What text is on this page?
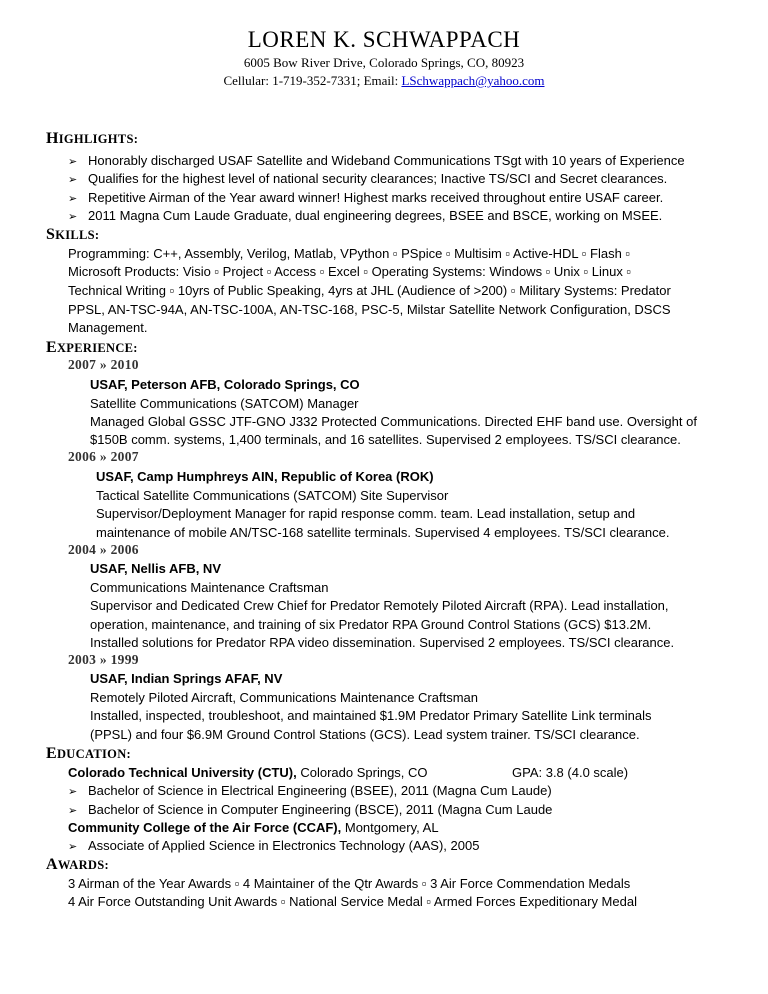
LOREN K. SCHWAPPACH
6005 Bow River Drive, Colorado Springs, CO, 80923
Cellular: 1-719-352-7331; Email: LSchwappach@yahoo.com
HIGHLIGHTS:
➢ Honorably discharged USAF Satellite and Wideband Communications TSgt with 10 years of Experience
➢ Qualifies for the highest level of national security clearances; Inactive TS/SCI and Secret clearances.
➢ Repetitive Airman of the Year award winner! Highest marks received throughout entire USAF career.
➢ 2011 Magna Cum Laude Graduate, dual engineering degrees, BSEE and BSCE, working on MSEE.
SKILLS:
Programming: C++, Assembly, Verilog, Matlab, VPython ▫ PSpice ▫ Multisim ▫ Active-HDL ▫ Flash ▫
Microsoft Products: Visio ▫ Project ▫ Access ▫ Excel ▫ Operating Systems: Windows ▫ Unix ▫ Linux ▫
Technical Writing ▫ 10yrs of Public Speaking, 4yrs at JHL (Audience of >200) ▫ Military Systems: Predator
PPSL, AN-TSC-94A, AN-TSC-100A, AN-TSC-168, PSC-5, Milstar Satellite Network Configuration, DSCS
Management.
EXPERIENCE:
2007 » 2010
USAF, Peterson AFB, Colorado Springs, CO
Satellite Communications (SATCOM) Manager
Managed Global GSSC JTF-GNO J332 Protected Communications. Directed EHF band use. Oversight of
$150B comm. systems, 1,400 terminals, and 16 satellites. Supervised 2 employees. TS/SCI clearance.
2006 » 2007
USAF, Camp Humphreys AIN, Republic of Korea (ROK)
Tactical Satellite Communications (SATCOM) Site Supervisor
Supervisor/Deployment Manager for rapid response comm. team. Lead installation, setup and
maintenance of mobile AN/TSC-168 satellite terminals. Supervised 4 employees. TS/SCI clearance.
2004 » 2006
USAF, Nellis AFB, NV
Communications Maintenance Craftsman
Supervisor and Dedicated Crew Chief for Predator Remotely Piloted Aircraft (RPA). Lead installation,
operation, maintenance, and training of six Predator RPA Ground Control Stations (GCS) $13.2M.
Installed solutions for Predator RPA video dissemination. Supervised 2 employees. TS/SCI clearance.
2003 » 1999
USAF, Indian Springs AFAF, NV
Remotely Piloted Aircraft, Communications Maintenance Craftsman
Installed, inspected, troubleshoot, and maintained $1.9M Predator Primary Satellite Link terminals
(PPSL) and four $6.9M Ground Control Stations (GCS). Lead system trainer. TS/SCI clearance.
EDUCATION:
Colorado Technical University (CTU), Colorado Springs, CO	GPA: 3.8 (4.0 scale)
➢ Bachelor of Science in Electrical Engineering (BSEE), 2011 (Magna Cum Laude)
➢ Bachelor of Science in Computer Engineering (BSCE), 2011 (Magna Cum Laude
Community College of the Air Force (CCAF), Montgomery, AL
➢ Associate of Applied Science in Electronics Technology (AAS), 2005
AWARDS:
3 Airman of the Year Awards ▫ 4 Maintainer of the Qtr Awards ▫ 3 Air Force Commendation Medals
4 Air Force Outstanding Unit Awards ▫ National Service Medal ▫ Armed Forces Expeditionary Medal
